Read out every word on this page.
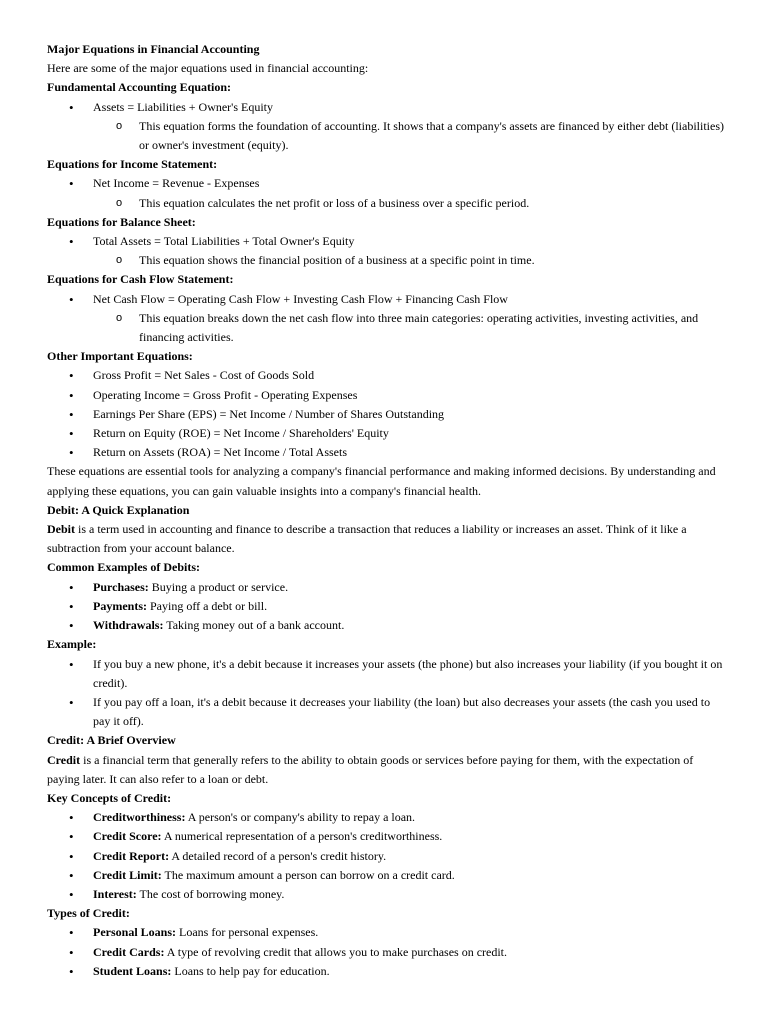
Major Equations in Financial Accounting

Here are some of the major equations used in financial accounting:

Fundamental Accounting Equation:

• Assets = Liabilities + Owner's Equity
o This equation forms the foundation of accounting. It shows that a company's assets are financed by either debt (liabilities) or owner's investment (equity).

Equations for Income Statement:

• Net Income = Revenue - Expenses
o This equation calculates the net profit or loss of a business over a specific period.

Equations for Balance Sheet:

• Total Assets = Total Liabilities + Total Owner's Equity
o This equation shows the financial position of a business at a specific point in time.

Equations for Cash Flow Statement:

• Net Cash Flow = Operating Cash Flow + Investing Cash Flow + Financing Cash Flow
o This equation breaks down the net cash flow into three main categories: operating activities, investing activities, and financing activities.

Other Important Equations:

• Gross Profit = Net Sales - Cost of Goods Sold
• Operating Income = Gross Profit - Operating Expenses
• Earnings Per Share (EPS) = Net Income / Number of Shares Outstanding
• Return on Equity (ROE) = Net Income / Shareholders' Equity
• Return on Assets (ROA) = Net Income / Total Assets

These equations are essential tools for analyzing a company's financial performance and making informed decisions. By understanding and applying these equations, you can gain valuable insights into a company's financial health.

Debit: A Quick Explanation

Debit is a term used in accounting and finance to describe a transaction that reduces a liability or increases an asset. Think of it like a subtraction from your account balance.

Common Examples of Debits:

• Purchases: Buying a product or service.
• Payments: Paying off a debt or bill.
• Withdrawals: Taking money out of a bank account.

Example:

• If you buy a new phone, it's a debit because it increases your assets (the phone) but also increases your liability (if you bought it on credit).
• If you pay off a loan, it's a debit because it decreases your liability (the loan) but also decreases your assets (the cash you used to pay it off).

Credit: A Brief Overview

Credit is a financial term that generally refers to the ability to obtain goods or services before paying for them, with the expectation of paying later. It can also refer to a loan or debt.

Key Concepts of Credit:

• Creditworthiness: A person's or company's ability to repay a loan.
• Credit Score: A numerical representation of a person's creditworthiness.
• Credit Report: A detailed record of a person's credit history.
• Credit Limit: The maximum amount a person can borrow on a credit card.
• Interest: The cost of borrowing money.

Types of Credit:

• Personal Loans: Loans for personal expenses.
• Credit Cards: A type of revolving credit that allows you to make purchases on credit.
• Student Loans: Loans to help pay for education.
